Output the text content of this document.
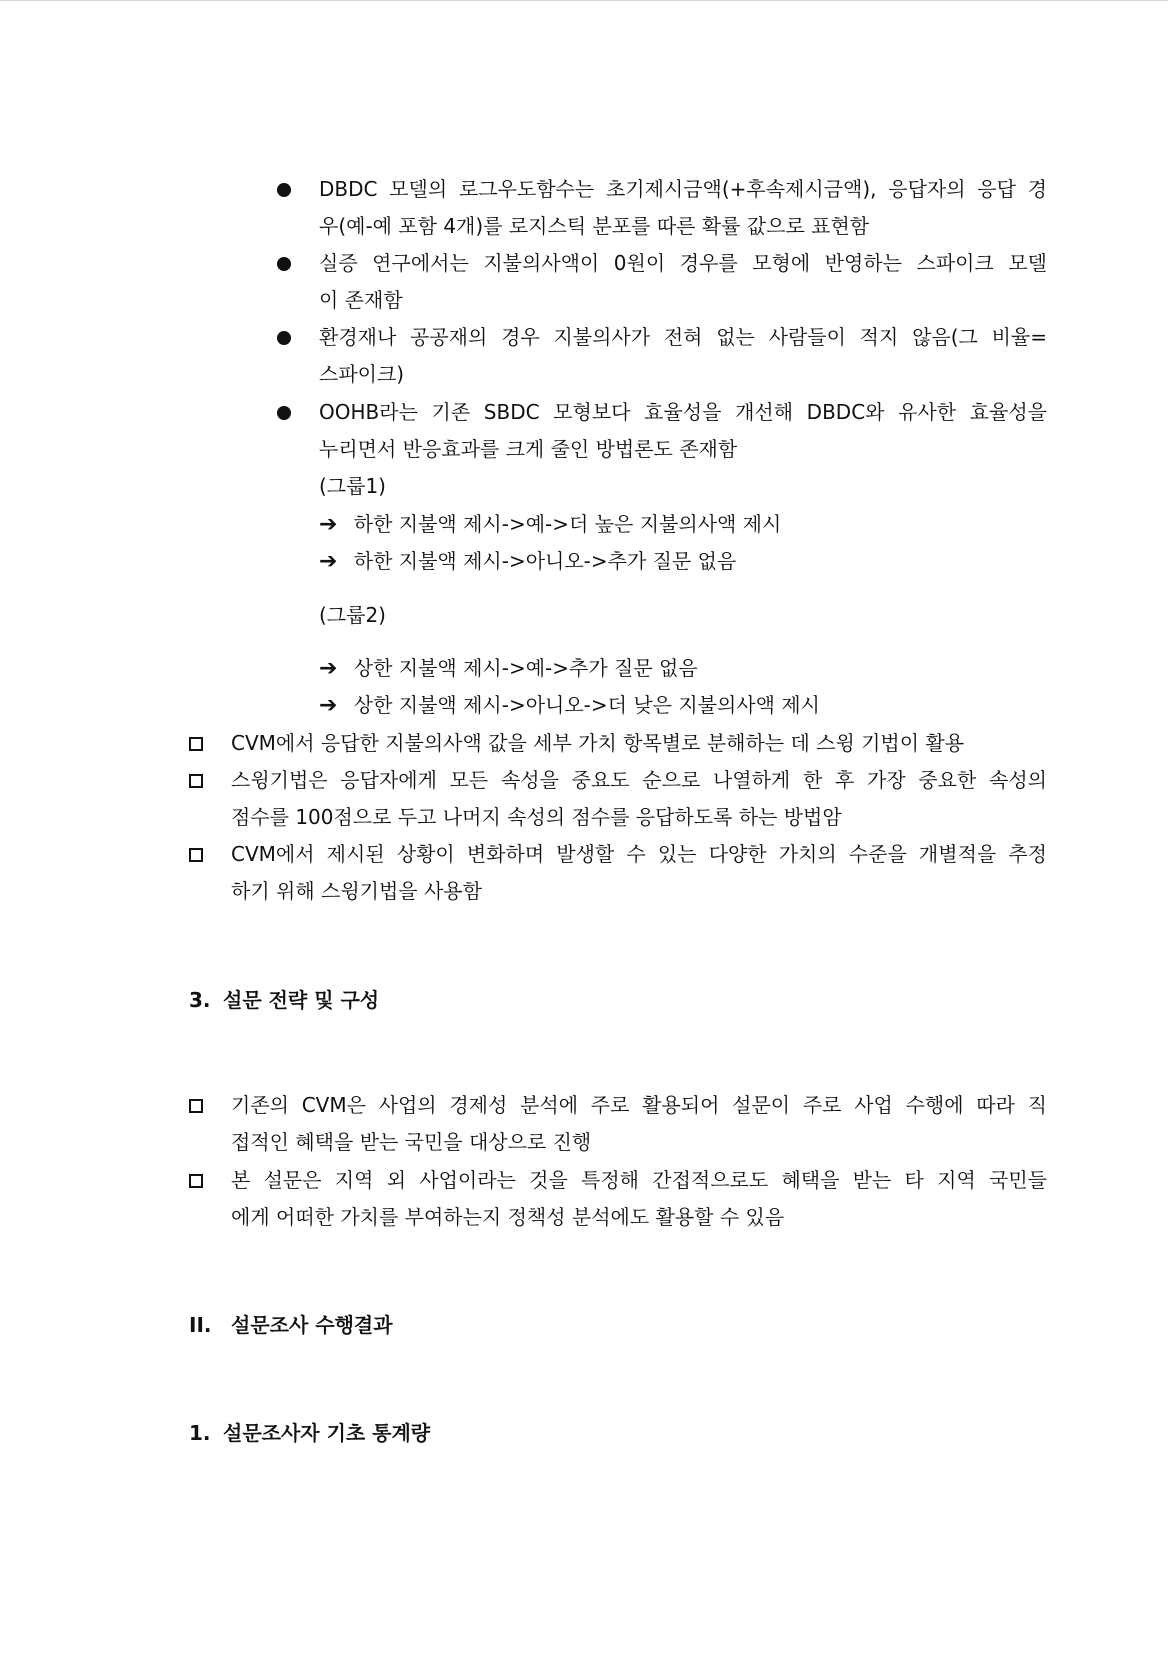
DBDC 모델의 로그우도함수는 초기제시금액(+후속제시금액), 응답자의 응답 경
우(예-예 포함 4개)를 로지스틱 분포를 따른 확률 값으로 표현함
실증 연구에서는 지불의사액이 0원이 경우를 모형에 반영하는 스파이크 모델
이 존재함
환경재나 공공재의 경우 지불의사가 전혀 없는 사람들이 적지 않음(그 비율=
스파이크)
OOHB라는 기존 SBDC 모형보다 효율성을 개선해 DBDC와 유사한 효율성을
누리면서 반응효과를 크게 줄인 방법론도 존재함
(그룹1)
➔ 하한 지불액 제시->예->더 높은 지불의사액 제시
➔ 하한 지불액 제시->아니오->추가 질문 없음
(그룹2)
➔ 상한 지불액 제시->예->추가 질문 없음
➔ 상한 지불액 제시->아니오->더 낮은 지불의사액 제시
CVM에서 응답한 지불의사액 값을 세부 가치 항목별로 분해하는 데 스윙 기법이 활용
스윙기법은 응답자에게 모든 속성을 중요도 순으로 나열하게 한 후 가장 중요한 속성의
점수를 100점으로 두고 나머지 속성의 점수를 응답하도록 하는 방법암
CVM에서 제시된 상황이 변화하며 발생할 수 있는 다양한 가치의 수준을 개별적을 추정
하기 위해 스윙기법을 사용함
3. 설문 전략 및 구성
기존의 CVM은 사업의 경제성 분석에 주로 활용되어 설문이 주로 사업 수행에 따라 직
접적인 혜택을 받는 국민을 대상으로 진행
본 설문은 지역 외 사업이라는 것을 특정해 간접적으로도 혜택을 받는 타 지역 국민들
에게 어떠한 가치를 부여하는지 정책성 분석에도 활용할 수 있음
II. 설문조사 수행결과
1. 설문조사자 기초 통계량
